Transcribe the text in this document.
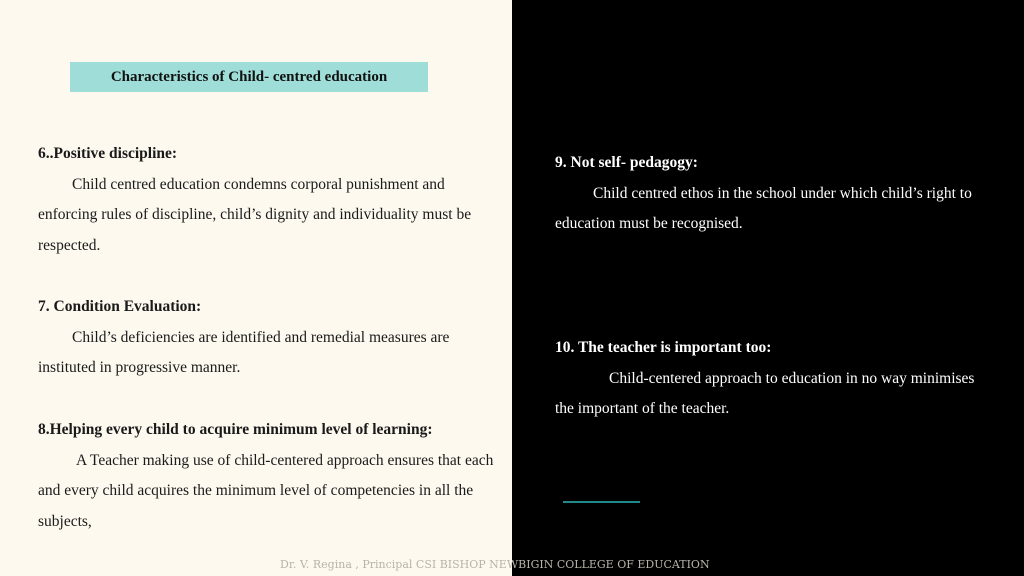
Characteristics of Child- centred education
6..Positive discipline:
Child centred education condemns corporal punishment and enforcing rules of discipline, child’s dignity and individuality must be respected.
7. Condition Evaluation:
Child’s deficiencies are identified and remedial measures are instituted in progressive manner.
8.Helping every child to acquire minimum level of learning:
A Teacher making use of child-centered approach ensures that each and every child acquires the minimum level of competencies in all the subjects,
9. Not self- pedagogy:
Child centred ethos in the school under which child’s right to education must be recognised.
10. The teacher is important too:
Child-centered approach to education in no way minimises the important of the teacher.
Dr. V. Regina , Principal CSI BISHOP NEWBIGIN COLLEGE OF EDUCATION
